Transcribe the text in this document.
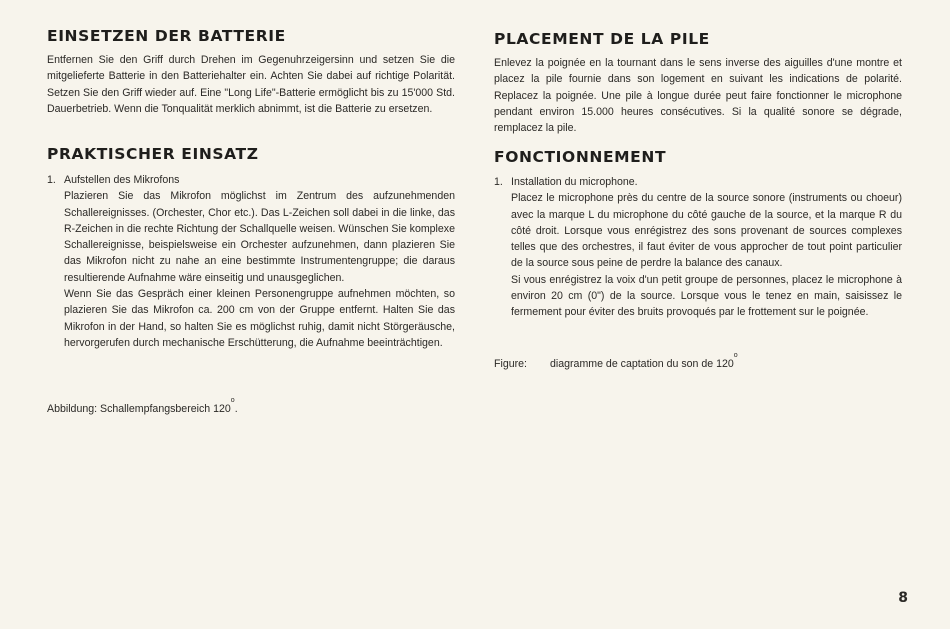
EINSETZEN DER BATTERIE

Entfernen Sie den Griff durch Drehen im Gegenuhrzeigersinn und setzen Sie die mitgelieferte Batterie in den Batteriehalter ein. Achten Sie dabei auf richtige Polarität. Setzen Sie den Griff wieder auf. Eine "Long Life"-Batterie ermöglicht bis zu 15'000 Std. Dauerbetrieb. Wenn die Tonqualität merklich abnimmt, ist die Batterie zu ersetzen.

PRAKTISCHER EINSATZ
1. Aufstellen des Mikrofons

Plazieren Sie das Mikrofon möglichst im Zentrum des aufzunehmenden Schallereignisses. (Orchester, Chor etc.). Das L-Zeichen soll dabei in die linke, das R-Zeichen in die rechte Richtung der Schallquelle weisen. Wünschen Sie komplexe Schallereignisse, beispielsweise ein Orchester aufzunehmen, dann plazieren Sie das Mikrofon nicht zu nahe an eine bestimmte Instrumentengruppe; die daraus resultierende Aufnahme wäre einseitig und unausgeglichen.

Wenn Sie das Gespräch einer kleinen Personengruppe aufnehmen möchten, so plazieren Sie das Mikrofon ca. 200 cm von der Gruppe entfernt. Halten Sie das Mikrofon in der Hand, so halten Sie es möglichst ruhig, damit nicht Störgeräusche, hervorgerufen durch mechanische Erschütterung, die Aufnahme beeinträchtigen.

Abbildung:
Schallempfangsbereich 120
o
.
PLACEMENT DE LA PILE

Enlevez la poignée en la tournant dans le sens inverse des aiguilles d'une montre et placez la pile fournie dans son logement en suivant les indications de polarité. Replacez la poignée. Une pile à longue durée peut faire fonctionner le microphone pendant environ 15.000 heures consécutives. Si la qualité sonore se dégrade, remplacez la pile.

FONCTIONNEMENT
1. Installation du microphone.

Placez le microphone près du centre de la source sonore (instruments ou choeur) avec la marque L du microphone du côté gauche de la source, et la marque R du côté droit. Lorsque vous enrégistrez des sons provenant de sources complexes telles que des orchestres, il faut éviter de vous approcher de tout point particulier de la source sous peine de perdre la balance des canaux.

Si vous enrégistrez la voix d'un petit groupe de personnes, placez le microphone à environ 20 cm (0") de la source. Lorsque vous le tenez en main, saisissez le fermement pour éviter des bruits provoqués par le frottement sur le poignée.

Figure:	diagramme de captation du son de 120
o
8
